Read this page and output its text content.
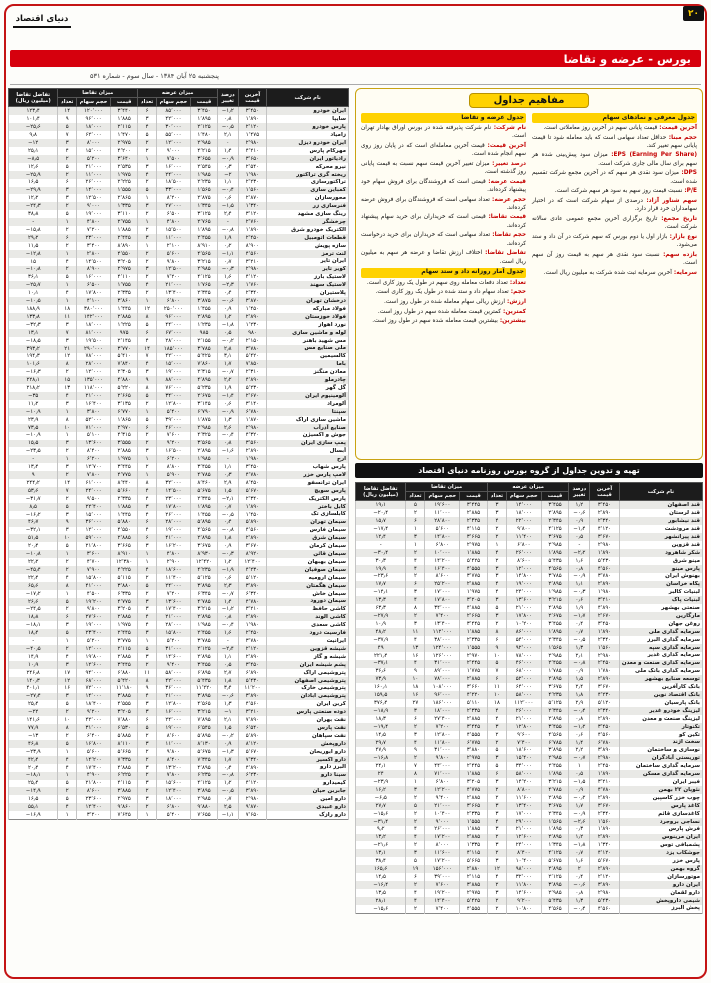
۲۰
دنیای اقتصاد
بورس - عرضه و تقاضا
پنجشنبه ۲۵ آبان ۱۳۸۴ - سال سوم - شماره ۵۳۱
مفاهیم جداول
جدول معرفی و نمادهای سهام

آخرین قیمت: قیمت پایانی سهم در آخرین روز معاملاتی است.

حجم مبنا: حداقل تعداد سهامی است که باید معامله شود تا قیمت پایانی سهم تغییر کند.

EPS (Earning Per Share): میزان سود پیش‌بینی شده هر سهم برای سال مالی جاری شرکت است.

DPS: میزان سود نقدی هر سهم که در آخرین مجمع شرکت تقسیم شده است.

P/E: نسبت قیمت روز سهم به سود هر سهم شرکت است.

سهم شناور آزاد: درصدی از سهام شرکت است که در اختیار سهامداران خرد قرار دارد.

تاریخ مجمع: تاریخ برگزاری آخرین مجمع عمومی عادی سالانه شرکت است.

نوع بازار: بازار اول یا دوم بورس که سهم شرکت در آن داد و ستد می‌شود.

بازده سهم: نسبت سود نقدی هر سهم به قیمت روز آن سهم است.

سرمایه: آخرین سرمایه ثبت شده شرکت به میلیون ریال است.

جدول عرضه و تقاضا

نام شرکت: نام شرکت پذیرفته شده در بورس اوراق بهادار تهران است.

آخرین قیمت: قیمت آخرین معامله‌ای است که در پایان روز روی سهم انجام شده است.

درصد تغییر: میزان تغییر آخرین قیمت سهم نسبت به قیمت پایانی روز گذشته است.

قیمت عرضه: قیمتی است که فروشندگان برای فروش سهام خود پیشنهاد کرده‌اند.

حجم عرضه: تعداد سهامی است که فروشندگان برای فروش عرضه کرده‌اند.

قیمت تقاضا: قیمتی است که خریداران برای خرید سهام پیشنهاد کرده‌اند.

حجم تقاضا: تعداد سهامی است که خریداران برای خرید درخواست کرده‌اند.

تفاضل تقاضا: اختلاف ارزش تقاضا و عرضه هر سهم به میلیون ریال است.

جدول آمار روزانه داد و ستد سهام

تعداد: تعداد دفعات معامله روی سهم در طول یک روز کاری است.

حجم: تعداد سهام داد و ستد شده در طول یک روز کاری است.

ارزش: ارزش ریالی سهام معامله شده در طول روز است.

کمترین: کمترین قیمت معامله شده سهم در طول روز است.

بیشترین: بیشترین قیمت معامله شده سهم در طول روز است.

تهیه و تدوین جداول از گروه بورس روزنامه دنیای اقتصاد
نام شرکت	آخرین قیمت	درصد تغییر	میزان عرضه			میزان تقاضا			تفاضل تقاضا (میلیون ریال)
			قیمت	حجم سهام	تعداد	قیمت	حجم سهام	تعداد	
قند اصفهان	۳٬۴۵۰	۱٫۲	۳٬۴۵۵	۱۴٬۰۰۰	۳	۳٬۴۴۵	۱۹٬۶۰۰	۵	۱۹٫۱
قند لرستان	۲٬۸۹۰	‎−۰٫۶	۲٬۸۹۵	۱۸٬۰۰۰	۳	۲٬۸۸۵	۱۱٬۰۰۰	۲	‎−۲۰٫۴
قند نیشابور	۲٬۳۴۰	۰٫۹	۲٬۳۴۵	۲۲٬۰۰۰	۴	۲٬۳۳۵	۲۸٬۸۰۰	۶	۱۵٫۷
قند مرودشت	۴٬۱۲۰	‎−۱٫۴	۴٬۱۲۵	۹٬۸۰۰	۲	۴٬۱۱۵	۵٬۶۰۰	۱	‎−۱۷٫۴
قند پیرانشهر	۳٬۶۷۰	۰٫۵	۳٬۶۷۵	۱۱٬۴۰۰	۲	۳٬۶۶۵	۱۴٬۸۰۰	۳	۱۲٫۴
قند قزوین	۲٬۹۸۰	-	۲٬۹۸۵	۶٬۸۰۰	۱	۲٬۹۷۵	۶٬۸۰۰	۱	-
شکر شاهرود	۱٬۸۹۰	‎−۲٫۲	۱٬۸۹۵	۲۶٬۰۰۰	۴	۱٬۸۸۵	۱۰٬۰۰۰	۲	‎−۳۰٫۴
مینو شرق	۵٬۴۳۰	۱٫۶	۵٬۴۳۵	۸٬۶۰۰	۲	۵٬۴۲۵	۱۴٬۲۰۰	۴	۳۰٫۳
پارس مینو	۴٬۵۶۰	۰٫۸	۴٬۵۶۵	۱۲٬۰۰۰	۳	۴٬۵۵۵	۱۶٬۴۰۰	۴	۱۹٫۹
بهنوش ایران	۳٬۷۸۰	‎−۰٫۹	۳٬۷۸۵	۱۴٬۸۰۰	۳	۳٬۷۷۵	۸٬۶۰۰	۲	‎−۲۳٫۶
پگاه خراسان	۲٬۸۹۰	۱٫۱	۲٬۸۹۵	۱۹٬۰۰۰	۴	۲٬۸۸۵	۲۵٬۲۰۰	۶	۱۷٫۷
لبنیات کالبر	۱٬۹۸۰	‎−۰٫۳	۱٬۹۸۵	۲۴٬۰۰۰	۴	۱٬۹۷۵	۱۷٬۰۰۰	۳	‎−۱۴٫۱
لبنیات پاک	۳٬۲۱۰	۰٫۶	۳٬۲۱۵	۱۳٬۶۰۰	۳	۳٬۲۰۵	۱۷٬۸۰۰	۴	۱۳٫۳
صنعتی بهشهر	۴٬۸۹۰	۱٫۹	۴٬۸۹۵	۲۱٬۰۰۰	۵	۴٬۸۸۵	۳۴٬۰۰۰	۸	۶۳٫۳
مارگارین	۲٬۶۷۰	‎−۱٫۷	۲٬۶۷۵	۱۷٬۸۰۰	۳	۲٬۶۶۵	۷٬۴۰۰	۲	‎−۲۷٫۹
روغن جهان	۳٬۴۵۰	۰٫۴	۳٬۴۵۵	۱۰٬۲۰۰	۲	۳٬۴۴۵	۱۳٬۴۰۰	۳	۱۰٫۹
سرمایه گذاری ملی	۱٬۸۹۰	۰٫۷	۱٬۸۹۵	۸۶٬۰۰۰	۸	۱٬۸۸۵	۱۱۲٬۰۰۰	۱۱	۴۸٫۲
سرمایه گذاری البرز	۲٬۳۴۰	‎−۰٫۵	۲٬۳۴۵	۵۴٬۰۰۰	۶	۲٬۳۳۵	۳۸٬۰۰۰	۴	‎−۳۷٫۹
سرمایه گذاری سپه	۱٬۵۶۰	۱٫۳	۱٬۵۶۵	۹۲٬۰۰۰	۹	۱٬۵۵۵	۱۲۴٬۰۰۰	۱۳	۴۹
سرمایه گذاری غدیر	۲٬۹۸۰	۲٫۱	۲٬۹۸۵	۷۸٬۰۰۰	۱۰	۲٬۹۷۰	۱۲۶٬۰۰۰	۱۶	۲۲۱٫۴
سرمایه گذاری صنعت و معدن	۲٬۴۵۰	‎−۰٫۸	۲٬۴۵۵	۴۶٬۰۰۰	۵	۲٬۴۴۵	۳۱٬۰۰۰	۴	‎−۳۷٫۱
سرمایه گذاری بانک ملی	۱٬۷۸۰	۰٫۹	۱٬۷۸۵	۶۸٬۰۰۰	۷	۱٬۷۷۵	۸۹٬۰۰۰	۹	۳۶٫۶
توسعه صنایع بهشهر	۲٬۸۹۰	۱٫۵	۲٬۸۹۵	۵۲٬۰۰۰	۶	۲٬۸۸۵	۷۸٬۰۰۰	۱۰	۷۳٫۹
بانک کارآفرین	۳٬۶۷۰	۲٫۴	۳٬۶۷۵	۶۴٬۰۰۰	۱۱	۳٬۶۶۰	۱۰۸٬۰۰۰	۱۸	۱۶۰٫۱
بانک اقتصاد نوین	۴٬۲۳۰	۱٫۸	۴٬۲۳۵	۵۸٬۰۰۰	۱۰	۴٬۲۲۰	۹۶٬۰۰۰	۱۶	۱۵۹٫۵
بانک پارسیان	۵٬۱۲۰	۲٫۹	۵٬۱۲۵	۱۱۲٬۰۰۰	۱۸	۵٬۱۱۰	۱۸۶٬۰۰۰	۲۷	۳۷۶٫۴
لیزینگ خودرو غدیر	۲٬۳۴۰	‎−۰٫۴	۲٬۳۴۵	۲۶٬۰۰۰	۴	۲٬۳۳۵	۱۸٬۰۰۰	۳	‎−۱۸٫۹
لیزینگ صنعت و معدن	۲٬۸۹۰	۰٫۸	۲٬۸۹۵	۲۱٬۰۰۰	۴	۲٬۸۸۵	۲۷٬۴۰۰	۶	۱۸٫۳
تکنوتار	۳٬۴۵۰	‎−۱٫۲	۳٬۴۵۵	۱۲٬۸۰۰	۳	۳٬۴۴۵	۷٬۲۰۰	۲	‎−۱۹٫۴
تکین کو	۴٬۵۶۰	۰٫۶	۴٬۵۶۵	۹٬۶۰۰	۲	۴٬۵۵۵	۱۲٬۸۰۰	۳	۱۴٫۵
سخت آژند	۶٬۷۸۰	۱٫۴	۶٬۷۸۵	۷٬۴۰۰	۲	۶٬۷۷۵	۱۱٬۸۰۰	۴	۲۹٫۷
نوسازی و ساختمان	۳٬۸۹۰	۲٫۲	۳٬۸۹۵	۱۸٬۶۰۰	۵	۳٬۸۸۰	۳۱٬۰۰۰	۹	۴۷٫۹
توریستی آبادگران	۲٬۹۸۰	‎−۰٫۷	۲٬۹۸۵	۱۵٬۴۰۰	۳	۲٬۹۷۵	۹٬۸۰۰	۲	‎−۱۶٫۸
سرمایه گذاری ساختمان	۲٬۴۵۰	۱	۲٬۴۵۵	۳۴٬۰۰۰	۵	۲٬۴۴۵	۴۴٬۰۰۰	۷	۲۴٫۱
سرمایه گذاری مسکن	۱٬۸۹۰	۰٫۵	۱٬۸۹۵	۵۸٬۰۰۰	۶	۱٬۸۸۵	۷۱٬۰۰۰	۸	۲۴
فیبر ایران	۳٬۲۱۰	‎−۱٫۵	۳٬۲۱۵	۱۴٬۲۰۰	۳	۳٬۲۰۵	۶٬۸۰۰	۱	‎−۲۳٫۹
نئوپان ۲۲ بهمن	۴٬۷۸۰	۰٫۹	۴٬۷۸۵	۸٬۸۰۰	۲	۴٬۷۷۵	۱۲٬۲۰۰	۳	۱۶٫۲
چوب خزر کاسپین	۲٬۸۹۰	‎−۰٫۲	۲٬۸۹۵	۱۱٬۶۰۰	۲	۲٬۸۸۵	۹٬۴۰۰	۲	‎−۶٫۵
کاغذ پارس	۳٬۶۷۰	۱٫۷	۳٬۶۷۵	۱۳٬۴۰۰	۳	۳٬۶۶۵	۲۱٬۰۰۰	۵	۲۷٫۷
کاغذسازی قائم	۲٬۳۴۰	‎−۰٫۹	۲٬۳۴۵	۱۷٬۰۰۰	۳	۲٬۳۳۵	۱۰٬۴۰۰	۲	‎−۱۵٫۶
نساجی بروجرد	۱٬۵۶۰	‎−۲٫۶	۱٬۵۶۵	۲۹٬۰۰۰	۴	۱٬۵۵۵	۹٬۰۰۰	۲	‎−۳۱٫۴
فرش پارس	۱٬۸۹۰	۰٫۳	۱٬۸۹۵	۲۱٬۰۰۰	۳	۱٬۸۸۵	۲۶٬۰۰۰	۴	۹٫۲
ایران مرینوس	۲٬۸۹۰	۱٫۲	۲٬۸۹۵	۱۲٬۶۰۰	۲	۲٬۸۸۵	۱۷٬۲۰۰	۴	۱۳٫۲
پشمبافی توس	۱٬۳۴۰	‎−۱٫۸	۱٬۳۴۵	۲۴٬۰۰۰	۳	۱٬۳۳۵	۸٬۰۰۰	۲	‎−۲۱٫۶
جوشکاب یزد	۴٬۱۲۰	۰٫۷	۴٬۱۲۵	۸٬۴۰۰	۲	۴٬۱۱۵	۱۱٬۶۰۰	۳	۱۳٫۱
پارس خزر	۵٬۶۷۰	۱٫۶	۵٬۶۷۵	۱۰٬۴۰۰	۳	۵٬۶۶۵	۱۷٬۲۰۰	۵	۳۸٫۴
گروه بهمن	۲٬۸۹۰	۲	۲٬۸۹۵	۹۸٬۰۰۰	۱۲	۲٬۸۸۰	۱۵۶٬۰۰۰	۱۹	۱۶۵٫۶
موتورسازان	۲٬۱۲۰	۰٫۴	۲٬۱۲۵	۳۲٬۰۰۰	۴	۲٬۱۱۵	۳۹٬۰۰۰	۶	۱۴٫۵
ایران دارو	۳٬۸۹۰	‎−۰٫۶	۳٬۸۹۵	۱۱٬۸۰۰	۲	۳٬۸۸۵	۷٬۶۰۰	۲	‎−۱۶٫۴
دارو لقمان	۲٬۹۸۰	۰٫۸	۲٬۹۸۵	۱۴٬۶۰۰	۳	۲٬۹۷۵	۱۹٬۲۰۰	۴	۱۳٫۵
شیمی داروپخش	۵٬۴۳۰	۱٫۳	۵٬۴۳۵	۹٬۲۰۰	۲	۵٬۴۲۵	۱۴٬۴۰۰	۴	۲۸٫۱
پخش البرز	۴٬۵۶۰	‎−۰٫۴	۴٬۵۶۵	۱۰٬۸۰۰	۲	۴٬۵۵۵	۷٬۴۰۰	۲	‎−۱۵٫۶
نام شرکت	آخرین قیمت	درصد تغییر	میزان عرضه			میزان تقاضا			تفاضل تقاضا (میلیون ریال)
			قیمت	حجم سهام	تعداد	قیمت	حجم سهام	تعداد	
ایران خودرو	۳٬۴۵۰	‎−۱٫۲	۳٬۴۵۰	۸۵٬۰۰۰	۶	۳٬۴۴۰	۱۲۰٬۰۰۰	۱۴	۱۲۳٫۴
سایپا	۱٬۸۹۰	۰٫۸	۱٬۸۹۵	۴۲٬۰۰۰	۳	۱٬۸۸۵	۹۶٬۰۰۰	۹	۱۰۱٫۴
پارس خودرو	۲٬۱۲۰	‎−۰٫۵	۲٬۱۲۵	۳۰٬۰۰۰	۴	۲٬۱۱۵	۱۸٬۰۰۰	۵	‎−۲۵٫۶
زامیاد	۱٬۴۷۵	۲٫۱	۱٬۴۸۰	۵۵٬۰۰۰	۵	۱٬۴۷۰	۶۲٬۰۰۰	۷	۹٫۸
ایران خودرو دیزل	۲٬۹۸۰	۰	۲٬۹۸۵	۱۲٬۰۰۰	۲	۲٬۹۷۵	۸٬۰۰۰	۳	‎−۱۲
مهرکام پارس	۴٬۲۱۰	۱٫۴	۴٬۲۱۵	۹٬۰۰۰	۲	۴٬۲۰۰	۱۵٬۰۰۰	۴	۲۵٫۱
رادیاتور ایران	۳٬۶۵۰	‎−۰٫۹	۳٬۶۵۵	۷٬۵۰۰	۱	۳٬۶۴۰	۵٬۲۰۰	۲	‎−۸٫۵
نیرو محرکه	۲٬۵۴۰	۰٫۳	۲٬۵۴۵	۱۶٬۰۰۰	۳	۲٬۵۳۵	۲۱٬۰۰۰	۵	۱۲٫۶
ریخته گری تراکتور	۱٬۹۸۰	‎−۲	۱٬۹۸۵	۲۴٬۰۰۰	۴	۱٬۹۷۵	۱۱٬۰۰۰	۲	‎−۲۵٫۹
تراکتورسازی	۲٬۲۳۰	۱٫۱	۲٬۲۳۵	۱۸٬۵۰۰	۲	۲٬۲۲۵	۲۶٬۰۰۰	۶	۱۶٫۵
کمباین سازی	۱٬۵۶۰	‎−۰٫۴	۱٬۵۶۵	۳۳٬۰۰۰	۵	۱٬۵۵۵	۱۴٬۰۰۰	۳	‎−۲۹٫۹
محورسازان	۲٬۸۷۰	۰٫۶	۲٬۸۷۵	۸٬۲۰۰	۱	۲٬۸۶۵	۱۲٬۵۰۰	۳	۱۲٫۲
فنرسازی زر	۱٬۳۴۰	‎−۱٫۵	۱٬۳۴۵	۲۷٬۰۰۰	۳	۱٬۳۳۵	۹٬۰۰۰	۲	‎−۲۴٫۳
رینگ سازی مشهد	۳٬۱۲۰	۲٫۴	۳٬۱۲۵	۶٬۵۰۰	۲	۳٬۱۱۰	۱۹٬۰۰۰	۵	۳۸٫۸
چرخشگر	۲٬۷۶۰	-	۲٬۷۶۵	۴٬۸۰۰	۱	۲٬۷۵۵	۴٬۸۰۰	۱	-
الکتریک خودرو شرق	۱٬۸۹۰	‎−۰٫۸	۱٬۸۹۵	۱۵٬۵۰۰	۲	۱٬۸۸۵	۷٬۲۰۰	۲	‎−۱۵٫۸
قطعات اتومبیل	۲٬۴۵۰	۱٫۹	۲٬۴۵۵	۱۱٬۰۰۰	۳	۲٬۴۴۵	۲۳٬۰۰۰	۶	۲۹٫۲
سازه پویش	۸٬۹۰۰	۰٫۲	۸٬۹۱۰	۲٬۱۰۰	۱	۸٬۸۹۰	۳٬۴۰۰	۲	۱۱٫۵
لنت ترمز	۴٬۵۶۰	‎−۱٫۱	۴٬۵۶۵	۵٬۶۰۰	۲	۴٬۵۵۰	۲٬۸۰۰	۱	‎−۱۲٫۸
ایران تایر	۳٬۲۱۰	۰٫۷	۳٬۲۱۵	۹٬۸۰۰	۲	۳٬۲۰۵	۱۴٬۵۰۰	۴	۱۵
کویر تایر	۲٬۹۸۰	‎−۰٫۳	۲٬۹۸۵	۱۲٬۵۰۰	۳	۲٬۹۷۵	۸٬۹۰۰	۲	‎−۱۰٫۸
لاستیک بارز	۴٬۱۲۰	۱٫۶	۴٬۱۲۵	۷٬۲۰۰	۲	۴٬۱۱۰	۱۶٬۰۰۰	۵	۳۶٫۱
لاستیک سهند	۱٬۷۶۰	‎−۲٫۳	۱٬۷۶۵	۲۱٬۰۰۰	۴	۱٬۷۵۵	۶٬۵۰۰	۱	‎−۲۵٫۷
پلاستیران	۲٬۳۴۰	۰٫۴	۲٬۳۴۵	۱۳٬۴۰۰	۲	۲٬۳۳۵	۱۷٬۸۰۰	۴	۱۰٫۱
درخشان تهران	۳٬۸۷۰	‎−۰٫۶	۳٬۸۷۵	۶٬۸۰۰	۱	۳٬۸۶۰	۴٬۱۰۰	۱	‎−۱۰٫۵
فولاد مبارکه	۱٬۴۵۰	۰٫۹	۱٬۴۵۵	۲۵۰٬۰۰۰	۱۲	۱٬۴۴۵	۳۸۰٬۰۰۰	۱۸	۱۸۸٫۹
فولاد خوزستان	۲٬۸۹۰	۱٫۲	۲٬۸۹۵	۹۶٬۰۰۰	۸	۲٬۸۸۵	۱۴۲٬۰۰۰	۱۱	۱۳۳٫۸
نورد اهواز	۱٬۲۳۰	‎−۱٫۸	۱٬۲۳۵	۴۴٬۰۰۰	۵	۱٬۲۲۵	۱۸٬۰۰۰	۳	‎−۳۲٫۳
لوله و ماشین سازی	۹۸۰	۰٫۵	۹۸۵	۶۷٬۰۰۰	۶	۹۷۵	۸۱٬۰۰۰	۷	۱۳٫۱
مس شهید باهنر	۲٬۱۵۰	‎−۰٫۲	۲٬۱۵۵	۲۸٬۰۰۰	۴	۲٬۱۴۵	۱۹٬۵۰۰	۳	‎−۱۸٫۵
ملی صنایع مس	۳٬۷۸۰	۲٫۸	۳٬۷۸۵	۱۸۵٬۰۰۰	۱۴	۳٬۷۷۰	۲۹۰٬۰۰۰	۲۱	۳۹۳٫۲
کالسیمین	۵٬۴۲۰	۳٫۱	۵٬۴۲۵	۴۲٬۰۰۰	۷	۵٬۴۱۰	۷۸٬۰۰۰	۱۲	۱۹۴٫۳
باما	۷٬۸۵۰	۱٫۷	۷٬۸۶۰	۱۵٬۰۰۰	۴	۷٬۸۴۰	۲۸٬۰۰۰	۸	۱۰۱٫۶
معادن منگنز	۲٬۳۱۰	‎−۰٫۷	۲٬۳۱۵	۱۹٬۰۰۰	۳	۲٬۳۰۵	۱۲٬۰۰۰	۲	‎−۱۶٫۳
چادرملو	۴٬۸۹۰	۲٫۲	۴٬۸۹۵	۸۸٬۰۰۰	۹	۴٬۸۸۰	۱۳۵٬۰۰۰	۱۵	۲۲۸٫۱
گل گهر	۵٬۲۳۰	۱٫۹	۵٬۲۳۵	۷۶٬۰۰۰	۸	۵٬۲۲۰	۱۱۸٬۰۰۰	۱۳	۲۱۸٫۲
آلومینیوم ایران	۲٬۶۷۰	‎−۱٫۴	۲٬۶۷۵	۳۴٬۰۰۰	۵	۲٬۶۶۵	۲۱٬۰۰۰	۴	‎−۳۵
آلومراد	۳٬۱۴۰	۰٫۶	۳٬۱۴۵	۱۲٬۸۰۰	۲	۳٬۱۳۵	۱۶٬۴۰۰	۳	۱۱٫۲
سپنتا	۶٬۷۸۰	‎−۰٫۹	۶٬۷۹۰	۵٬۴۰۰	۱	۶٬۷۷۰	۳٬۸۰۰	۱	‎−۱۰٫۹
ماشین سازی اراک	۱٬۸۷۰	۱٫۳	۱٬۸۷۵	۳۹٬۰۰۰	۵	۱٬۸۶۵	۵۲٬۰۰۰	۸	۲۳٫۹
صنایع آذرآب	۲٬۹۸۰	۲٫۶	۲٬۹۸۵	۴۶٬۰۰۰	۶	۲٬۹۷۰	۷۱٬۰۰۰	۱۰	۷۳٫۵
جوش و اکسیژن	۴٬۳۲۰	‎−۰٫۴	۴٬۳۲۵	۷٬۶۰۰	۲	۴٬۳۱۵	۵٬۱۰۰	۱	‎−۱۰٫۹
پمپ سازی ایران	۳٬۵۶۰	۰٫۸	۳٬۵۶۵	۹٬۲۰۰	۲	۳٬۵۵۵	۱۳٬۶۰۰	۳	۱۵٫۵
آبسال	۲٬۸۹۰	‎−۱٫۶	۲٬۸۹۵	۱۶٬۵۰۰	۳	۲٬۸۸۵	۸٬۴۰۰	۲	‎−۲۳٫۵
ارج	۱٬۹۸۰	-	۱٬۹۸۵	۶٬۲۰۰	۱	۱٬۹۷۵	۶٬۲۰۰	۱	-
پارس شهاب	۳٬۴۵۰	۱٫۱	۳٬۴۵۵	۸٬۸۰۰	۲	۳٬۴۴۵	۱۲٬۷۰۰	۳	۱۳٫۴
لامپ پارس خزر	۴٬۷۸۰	۰٫۳	۴٬۷۸۵	۵٬۹۰۰	۱	۴٬۷۷۵	۷٬۸۰۰	۲	۹
ایران ترانسفو	۸٬۴۵۰	۲٫۹	۸٬۴۶۰	۳۲٬۰۰۰	۸	۸٬۴۴۰	۶۱٬۰۰۰	۱۴	۲۴۴٫۲
پارس سویچ	۵٬۶۷۰	۱٫۵	۵٬۶۷۵	۱۴٬۵۰۰	۴	۵٬۶۶۰	۲۴٬۰۰۰	۷	۵۳٫۶
پارس الکتریک	۲٬۳۴۰	‎−۲٫۱	۲٬۳۴۵	۲۳٬۰۰۰	۴	۲٬۳۳۵	۹٬۵۰۰	۲	‎−۳۱٫۷
کابل باختر	۱٬۸۹۰	۰٫۷	۱٬۸۹۵	۱۷٬۸۰۰	۳	۱٬۸۸۵	۲۲٬۴۰۰	۵	۸٫۵
کابلسازی تک	۱٬۴۵۰	‎−۰٫۵	۱٬۴۵۵	۲۶٬۰۰۰	۴	۱٬۴۴۵	۱۵٬۰۰۰	۳	‎−۱۶٫۲
سیمان تهران	۵٬۸۹۰	۰٫۴	۵٬۸۹۵	۲۸٬۰۰۰	۶	۵٬۸۸۰	۳۶٬۰۰۰	۹	۴۶٫۷
سیمان فارس	۴٬۵۶۰	‎−۰٫۸	۴٬۵۶۵	۱۹٬۰۰۰	۴	۴٬۵۵۰	۱۲٬۰۰۰	۳	‎−۳۲٫۱
سیمان شرق	۲٬۸۹۰	۱٫۸	۲٬۸۹۵	۴۱٬۰۰۰	۶	۲٬۸۸۵	۵۹٬۰۰۰	۱۰	۵۱٫۵
سیمان کرمان	۳٬۶۷۰	۰٫۹	۳٬۶۷۵	۱۶٬۲۰۰	۳	۳٬۶۶۵	۲۱٬۸۰۰	۵	۲۰٫۴
سیمان قائن	۸٬۹۲۰	‎−۰٫۳	۸٬۹۳۰	۴٬۸۰۰	۱	۸٬۹۱۰	۳٬۶۰۰	۱	‎−۱۰٫۸
سیمان بهبهان	۱۲٬۴۰۰	۱٫۲	۱۲٬۴۲۰	۲٬۹۰۰	۱	۱۲٬۳۸۰	۴٬۷۰۰	۲	۲۲٫۲
سیمان صوفیان	۴٬۲۳۰	‎−۱٫۹	۴٬۲۳۵	۱۸٬۶۰۰	۴	۴٬۲۲۵	۷٬۹۰۰	۲	‎−۴۵٫۴
سیمان ارومیه	۵٬۱۲۰	۰٫۶	۵٬۱۲۵	۱۱٬۴۰۰	۲	۵٬۱۱۵	۱۵٬۸۰۰	۴	۲۲٫۴
سیمان هگمتان	۳٬۸۹۰	۲٫۳	۳٬۸۹۵	۲۴٬۰۰۰	۵	۳٬۸۸۰	۴۱٬۰۰۰	۸	۶۵٫۶
سیمان خاش	۶٬۳۴۰	‎−۰٫۷	۶٬۳۴۵	۷٬۲۰۰	۲	۶٬۳۳۵	۴٬۵۰۰	۱	‎−۱۷٫۲
سیمان دورود	۴٬۷۸۰	۱٫۴	۴٬۷۸۵	۱۳٬۶۰۰	۳	۴٬۷۷۵	۱۹٬۲۰۰	۵	۲۶٫۶
کاشی حافظ	۳٬۲۱۰	‎−۱٫۲	۳٬۲۱۵	۱۷٬۴۰۰	۳	۳٬۲۰۵	۹٬۸۰۰	۲	‎−۲۴٫۵
کاشی الوند	۲٬۸۹۰	۰٫۸	۲٬۸۹۵	۲۱٬۰۰۰	۴	۲٬۸۸۵	۲۷٬۶۰۰	۶	۱۸٫۸
کاشی سعدی	۱٬۹۸۰	‎−۰٫۴	۱٬۹۸۵	۲۸٬۰۰۰	۴	۱٬۹۷۵	۱۹٬۰۰۰	۳	‎−۱۸٫۱
فارسیت درود	۲٬۴۵۰	۱٫۶	۲٬۴۵۵	۱۵٬۸۰۰	۳	۲٬۴۴۵	۲۳٬۴۰۰	۵	۱۸٫۴
ایرانیت	۳٬۷۸۰	-	۳٬۷۸۵	۵٬۲۰۰	۱	۳٬۷۷۵	۵٬۲۰۰	۱	-
شیشه قزوین	۲٬۱۲۰	‎−۲٫۴	۲٬۱۲۵	۳۱٬۰۰۰	۵	۲٬۱۱۵	۱۲٬۰۰۰	۲	‎−۴۰٫۵
شیشه و گاز	۲٬۸۹۰	۱٫۱	۲٬۸۹۵	۱۴٬۶۰۰	۳	۲٬۸۸۵	۱۹٬۸۰۰	۴	۱۴٫۹
پشم شیشه ایران	۳٬۴۵۰	۰٫۵	۳٬۴۵۵	۹٬۴۰۰	۲	۳٬۴۴۵	۱۲٬۶۰۰	۳	۱۰٫۹
پتروشیمی اراک	۶٬۸۹۰	۲٫۷	۶٬۸۹۵	۵۸٬۰۰۰	۱۱	۶٬۸۸۰	۹۴٬۰۰۰	۱۷	۲۴۶٫۸
پتروشیمی اصفهان	۵٬۴۳۰	۱٫۸	۵٬۴۳۵	۴۲٬۰۰۰	۸	۵٬۴۲۰	۶۸٬۰۰۰	۱۲	۱۴۰٫۳
پتروشیمی خارک	۱۱٬۲۰۰	۳٫۴	۱۱٬۲۲۰	۳۶٬۰۰۰	۹	۱۱٬۱۸۰	۷۲٬۰۰۰	۱۶	۴۰۱٫۱
پتروشیمی آبادان	۳٬۸۹۰	‎−۰٫۶	۳٬۸۹۵	۲۱٬۰۰۰	۴	۳٬۸۸۵	۱۴٬۰۰۰	۳	‎−۲۷٫۴
کربن ایران	۴٬۵۶۰	۱٫۳	۴٬۵۶۵	۱۲٬۸۰۰	۳	۴٬۵۵۵	۱۸٬۴۰۰	۵	۲۵٫۴
دوده صنعتی پارس	۳٬۲۱۰	‎−۱	۳٬۲۱۵	۱۶٬۰۰۰	۳	۳٬۲۰۵	۹٬۲۰۰	۲	‎−۲۲
نفت بهران	۷٬۸۹۰	۲٫۱	۷٬۸۹۵	۲۴٬۰۰۰	۶	۷٬۸۸۰	۴۲٬۰۰۰	۱۰	۱۴۱٫۶
نفت پارس	۶٬۵۴۰	۱٫۵	۶٬۵۴۵	۱۹٬۰۰۰	۵	۶٬۵۳۰	۳۱٬۰۰۰	۸	۷۷٫۹
نفت سپاهان	۵٬۸۹۰	‎−۰٫۲	۵٬۸۹۵	۸٬۶۰۰	۲	۵٬۸۸۵	۶٬۴۰۰	۲	‎−۱۳
داروپخش	۸٬۱۲۰	۰٫۹	۸٬۱۳۰	۱۱٬۰۰۰	۳	۸٬۱۱۰	۱۶٬۸۰۰	۵	۴۶٫۸
دارو ابوریحان	۵٬۶۷۰	‎−۱٫۳	۵٬۶۷۵	۹٬۸۰۰	۲	۵٬۶۶۵	۵٬۶۰۰	۱	‎−۲۳٫۹
دارو اکسیر	۷٬۳۴۰	۱٫۷	۷٬۳۴۵	۸٬۴۰۰	۲	۷٬۳۳۵	۱۴٬۲۰۰	۴	۴۲٫۴
البرز دارو	۴٬۸۹۰	۰٫۴	۴٬۸۹۵	۱۳٬۲۰۰	۳	۴٬۸۸۵	۱۷٬۴۰۰	۴	۲۰٫۴
سینا دارو	۶٬۲۳۰	‎−۰٫۸	۶٬۲۳۵	۷٬۸۰۰	۲	۶٬۲۲۵	۴٬۹۰۰	۱	‎−۱۸٫۱
کیمیدارو	۴٬۱۲۰	۱٫۲	۴٬۱۲۵	۱۵٬۶۰۰	۳	۴٬۱۱۵	۲۱٬۸۰۰	۵	۲۵٫۴
جابربن حیان	۳٬۸۹۰	‎−۰٫۵	۳٬۸۹۵	۱۲٬۴۰۰	۲	۳٬۸۸۵	۸٬۶۰۰	۲	‎−۱۴٫۹
دارو امین	۲٬۹۸۰	۰٫۷	۲٬۹۸۵	۱۸٬۰۰۰	۳	۲٬۹۷۵	۲۳٬۶۰۰	۵	۱۶٫۵
دارو عبیدی	۹٬۸۷۰	۲٫۵	۹٬۸۸۰	۶٬۸۰۰	۲	۹٬۸۶۰	۱۲٬۴۰۰	۴	۵۵٫۱
دارو رازک	۷٬۶۵۰	‎−۱٫۱	۷٬۶۵۵	۵٬۴۰۰	۱	۷٬۶۴۵	۳٬۲۰۰	۱	‎−۱۶٫۹
